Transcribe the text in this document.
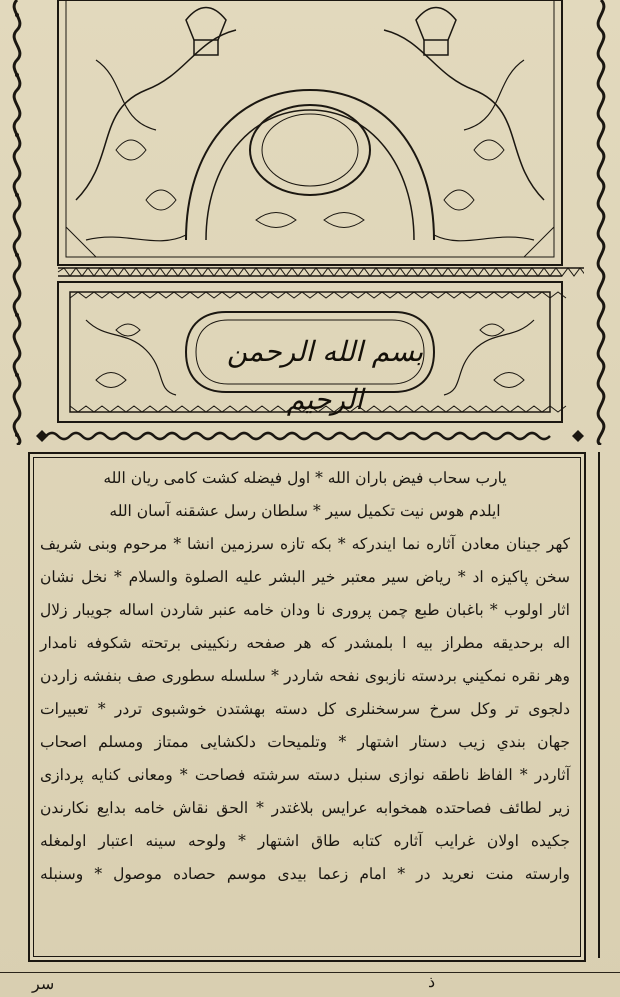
بسم الله الرحمن الرحيم
یارب سحاب فیض باران الله * اول فیضله کشت کامی ریان الله
ایلدم هوس نیت تکمیل سیر * سلطان رسل عشقنه آسان الله
کهر جینان معادن آثاره نما ایندرکه * بکه تازه سرزمین انشا * مرحوم وبنی شریف
سخن پاکیزه اد * ریاض سیر معتبر خیر البشر علیه الصلوة والسلام * نخل نشان
اثار اولوب * باغبان طبع چمن پروری نا ودان خامه عنبر شاردن اساله جویبار زلال
اله برحدیقه مطراز بیه ا بلمشدر که هر صفحه رنکیینی برتحته شکوفه نامدار
وهر نقره نمکیني بردسته نازبوی نفحه شاردر * سلسله سطوری صف بنفشه زاردن
دلجوی تر وکل سرخ سرسخنلری کل دسته بهشتدن خوشبوی تردر * تعبیرات
جهان بندي زیب دستار اشتهار * وتلمیحات دلکشایی ممتاز ومسلم اصحاب
آثاردر * الفاظ ناطقه نوازی سنبل دسته سرشته فصاحت * ومعانی کنایه پردازی
زیر لطائف فصاحتده همخوابه عرایس بلاغتدر * الحق نقاش خامه بدایع نکارندن
جکیده اولان غرایب آثاره کتابه طاق اشتهار * ولوحه سینه اعتبار اولمغله
وارسته منت نعرید در * امام زعما بیدی موسم حصاده موصول * وسنبله
سر	ذ
